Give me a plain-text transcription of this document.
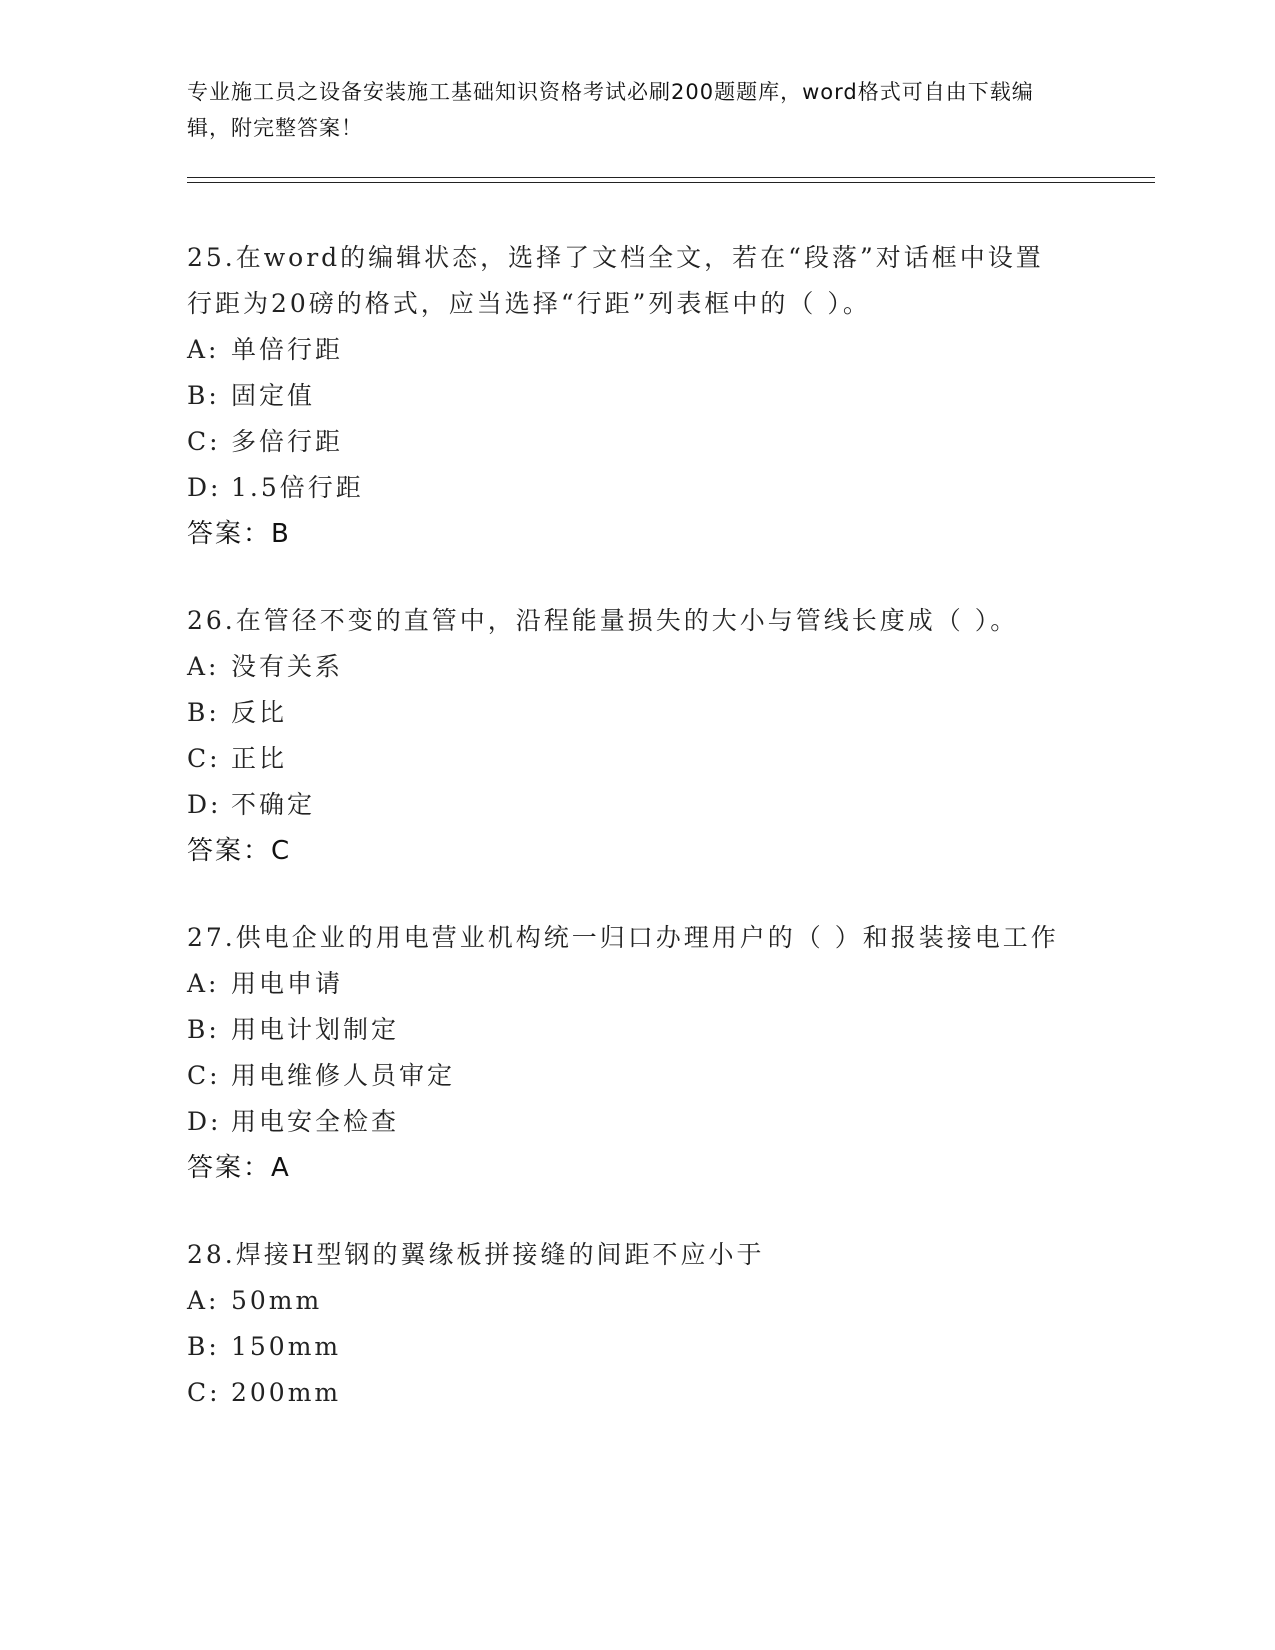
专业施工员之设备安装施工基础知识资格考试必刷200题题库，word格式可自由下载编辑，附完整答案！
25.在word的编辑状态，选择了文档全文，若在“段落”对话框中设置行距为20磅的格式，应当选择“行距”列表框中的（ ）。
A: 单倍行距
B: 固定值
C: 多倍行距
D: 1.5倍行距
答案：B
26.在管径不变的直管中，沿程能量损失的大小与管线长度成（ ）。
A: 没有关系
B: 反比
C: 正比
D: 不确定
答案：C
27.供电企业的用电营业机构统一归口办理用户的（ ）和报装接电工作
A: 用电申请
B: 用电计划制定
C: 用电维修人员审定
D: 用电安全检查
答案：A
28.焊接H型钢的翼缘板拼接缝的间距不应小于
A: 50mm
B: 150mm
C: 200mm
